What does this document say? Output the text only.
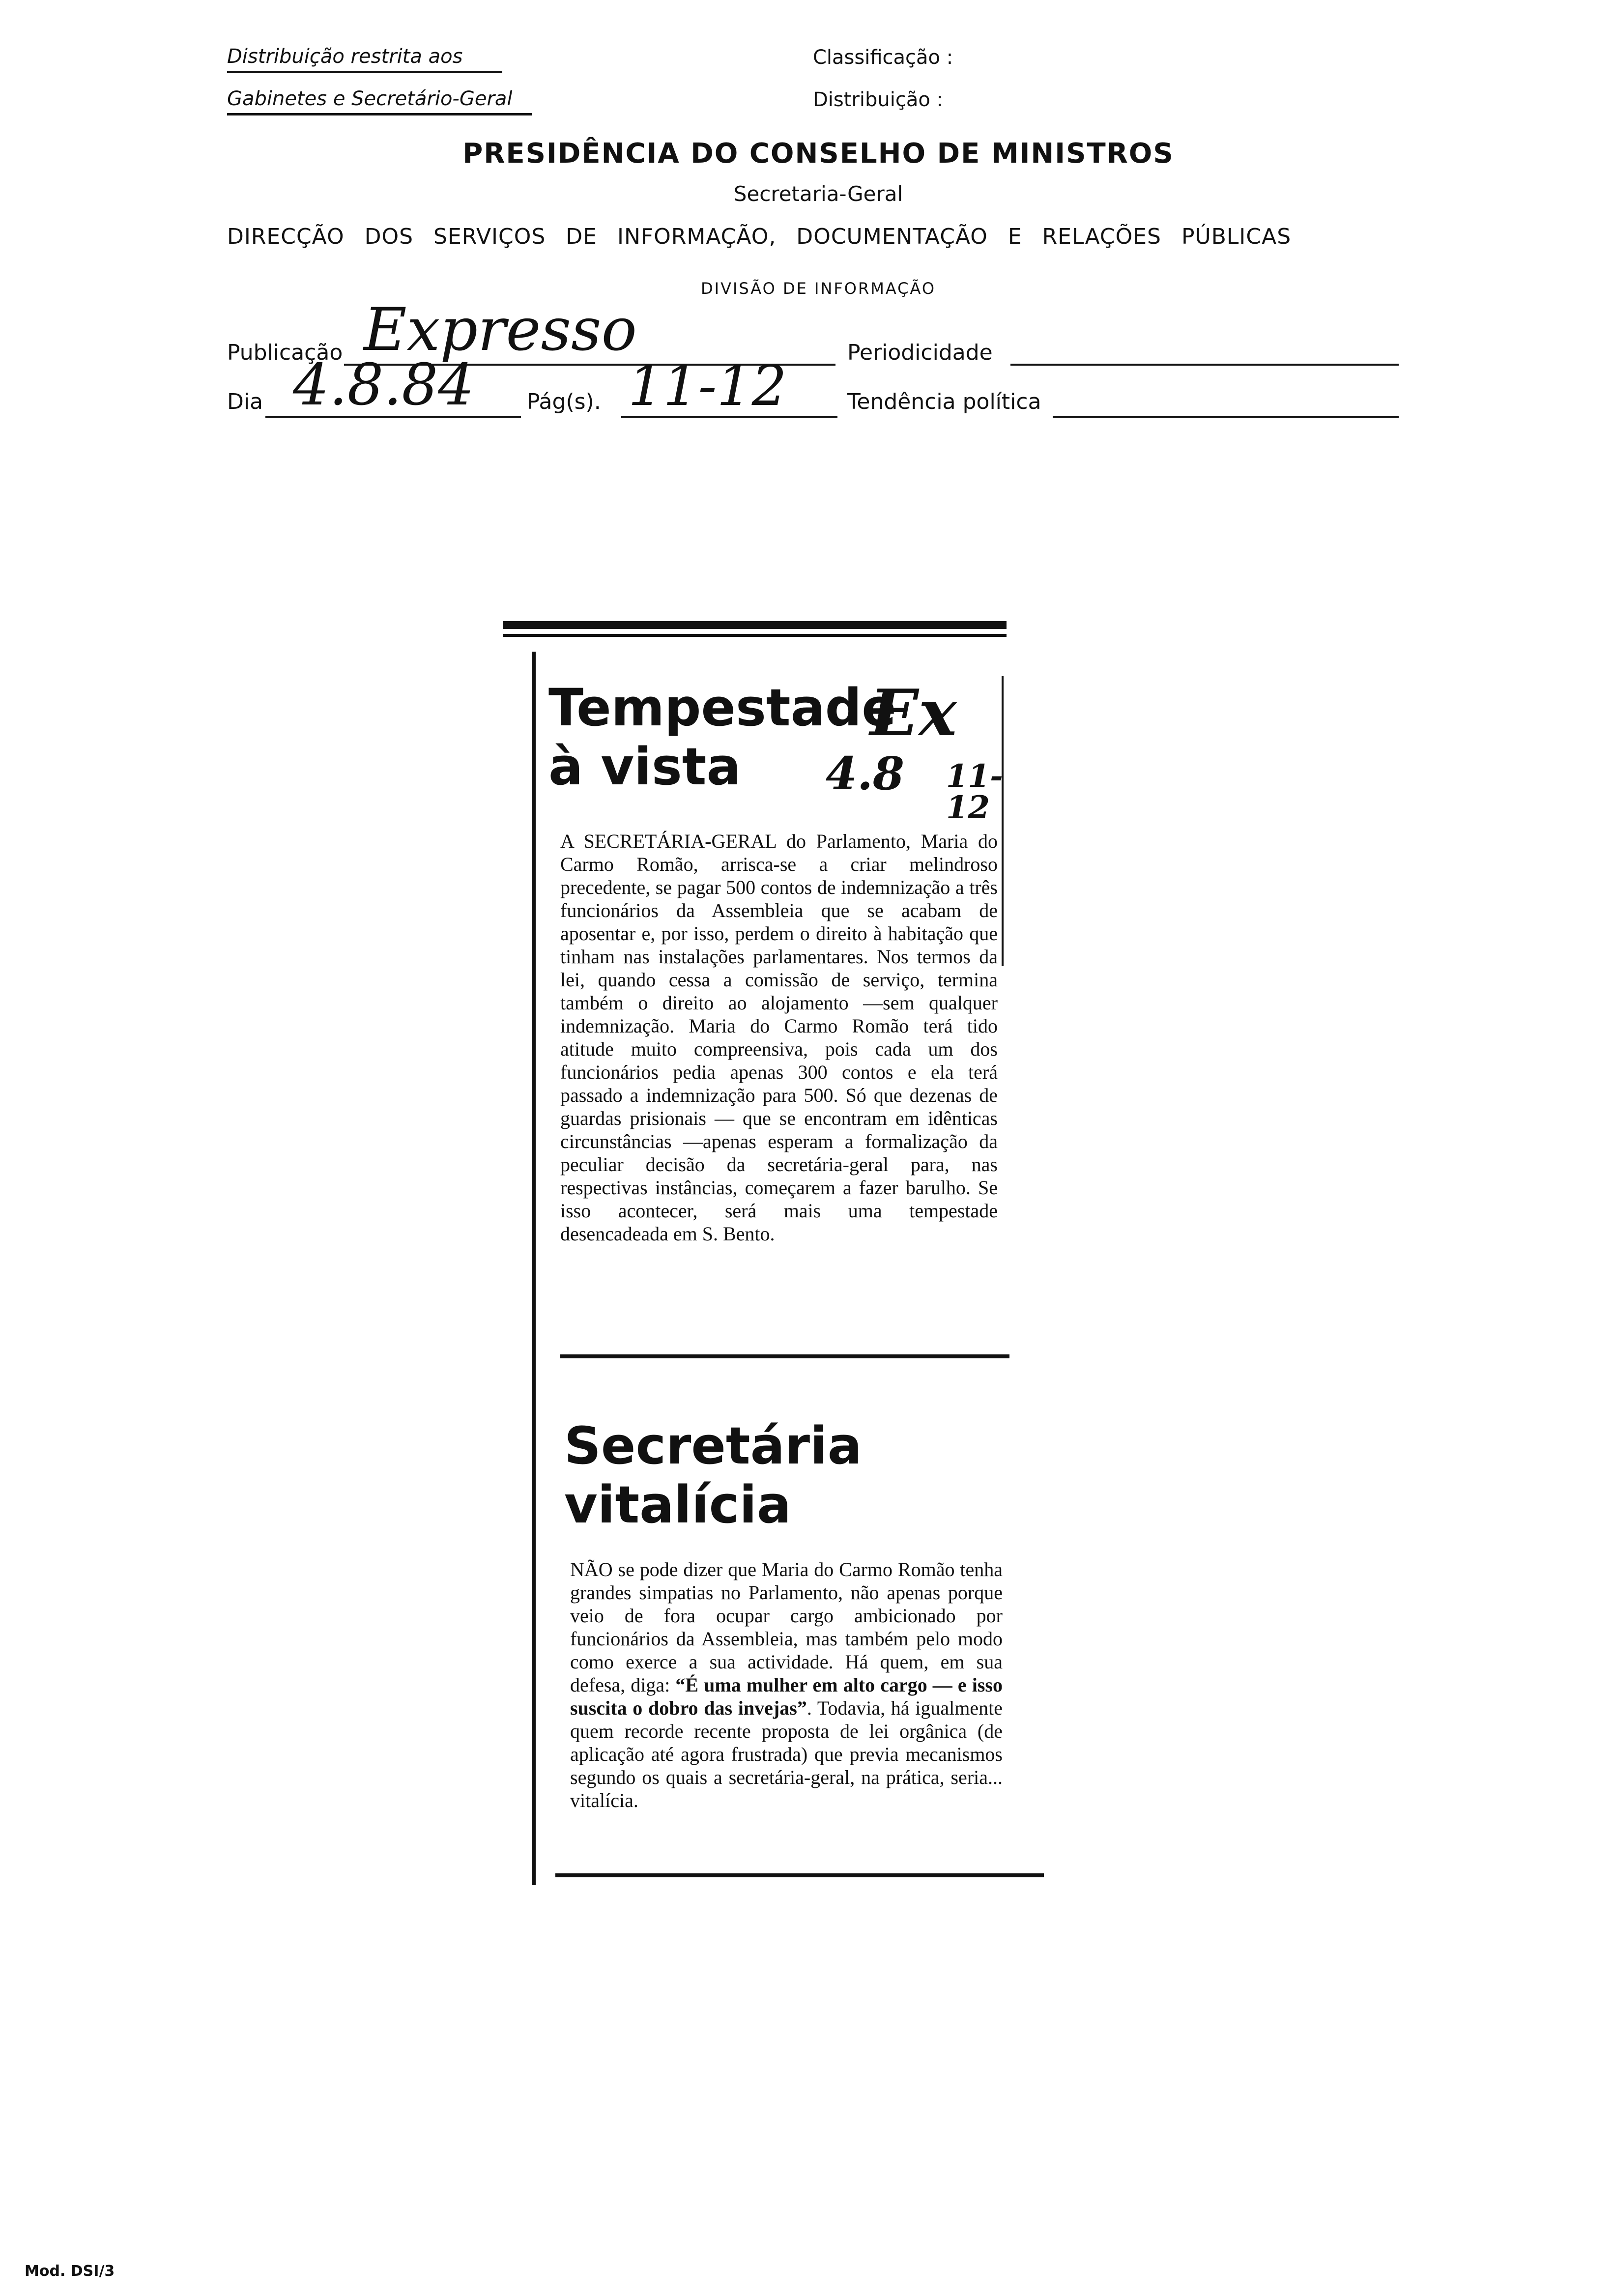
Distribuição restrita aos
Gabinetes e Secretário-Geral
Classificação :
Distribuição :
PRESIDÊNCIA DO CONSELHO DE MINISTROS
Secretaria-Geral
DIRECÇÃO DOS SERVIÇOS DE INFORMAÇÃO, DOCUMENTAÇÃO E RELAÇÕES PÚBLICAS
DIVISÃO DE INFORMAÇÃO
Publicação Expresso	Periodicidade
Dia 4.8.84 Pág(s). 11-12	Tendência política
Tempestade
à vista
Ex
4.8 11-12

A SECRETÁRIA-GERAL do Parlamento, Maria do Carmo Romão, arrisca-se a criar melindroso precedente, se pagar 500 contos de indemnização a três funcionários da Assembleia que se acabam de aposentar e, por isso, perdem o direito à habitação que tinham nas instalações parlamentares. Nos termos da lei, quando cessa a comissão de serviço, termina também o direito ao alojamento —sem qualquer indemnização. Maria do Carmo Romão terá tido atitude muito compreensiva, pois cada um dos funcionários pedia apenas 300 contos e ela terá passado a indemnização para 500. Só que dezenas de guardas prisionais — que se encontram em idênticas circunstâncias —apenas esperam a formalização da peculiar decisão da secretária-geral para, nas respectivas instâncias, começarem a fazer barulho. Se isso acontecer, será mais uma tempestade desencadeada em S. Bento.

Secretária
vitalícia

NÃO se pode dizer que Maria do Carmo Romão tenha grandes simpatias no Parlamento, não apenas porque veio de fora ocupar cargo ambicionado por funcionários da Assembleia, mas também pelo modo como exerce a sua actividade. Há quem, em sua defesa, diga: “É uma mulher em alto cargo — e isso suscita o dobro das invejas”. Todavia, há igualmente quem recorde recente proposta de lei orgânica (de aplicação até agora frustrada) que previa mecanismos segundo os quais a secretária-geral, na prática, seria... vitalícia.

Mod. DSI/3
